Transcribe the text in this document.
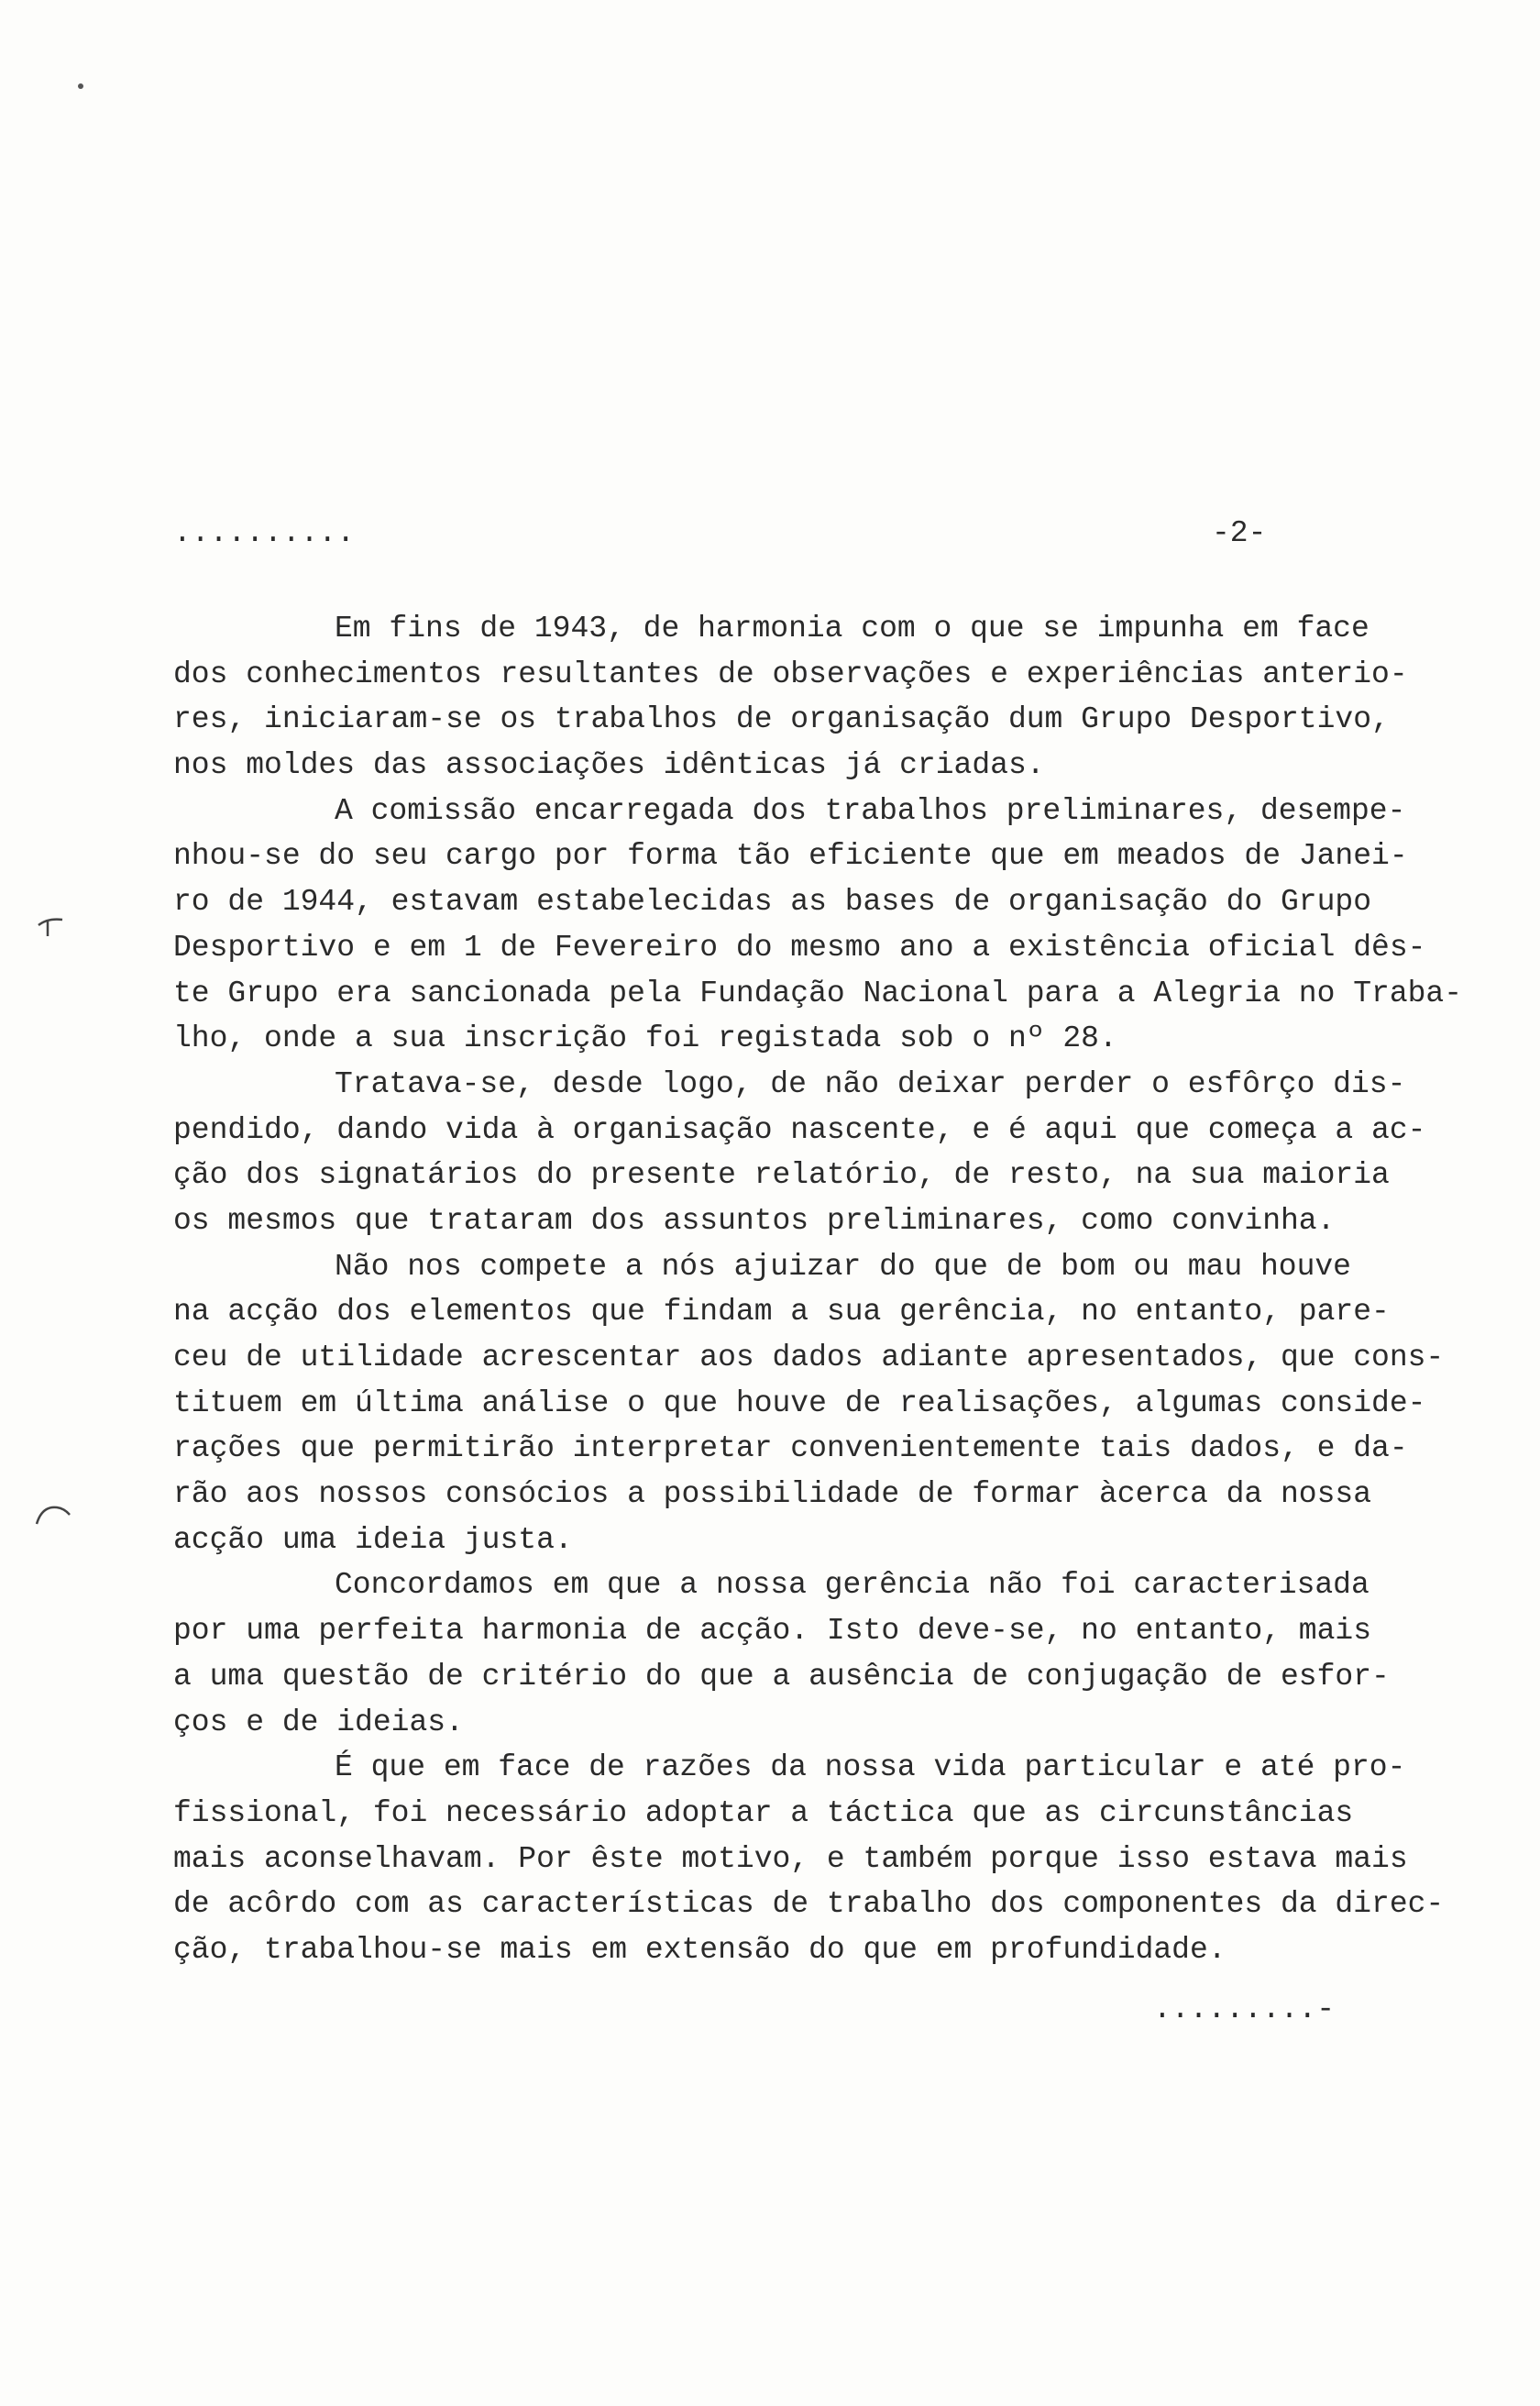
..........	-2-
Em fins de 1943, de harmonia com o que se impunha em face
dos conhecimentos resultantes de observações e experiências anterio-
res, iniciaram-se os trabalhos de organisação dum Grupo Desportivo,
nos moldes das associações idênticas já criadas.
A comissão encarregada dos trabalhos preliminares, desempe-
nhou-se do seu cargo por forma tão eficiente que em meados de Janei-
ro de 1944, estavam estabelecidas as bases de organisação do Grupo
Desportivo e em 1 de Fevereiro do mesmo ano a existência oficial dês-
te Grupo era sancionada pela Fundação Nacional para a Alegria no Traba-
lho, onde a sua inscrição foi registada sob o nº 28.
Tratava-se, desde logo, de não deixar perder o esfôrço dis-
pendido, dando vida à organisação nascente, e é aqui que começa a ac-
ção dos signatários do presente relatório, de resto, na sua maioria
os mesmos que trataram dos assuntos preliminares, como convinha.
Não nos compete a nós ajuizar do que de bom ou mau houve
na acção dos elementos que findam a sua gerência, no entanto, pare-
ceu de utilidade acrescentar aos dados adiante apresentados, que cons-
tituem em última análise o que houve de realisações, algumas conside-
rações que permitirão interpretar convenientemente tais dados, e da-
rão aos nossos consócios a possibilidade de formar àcerca da nossa
acção uma ideia justa.
Concordamos em que a nossa gerência não foi caracterisada
por uma perfeita harmonia de acção. Isto deve-se, no entanto, mais
a uma questão de critério do que a ausência de conjugação de esfor-
ços e de ideias.
É que em face de razões da nossa vida particular e até pro-
fissional, foi necessário adoptar a táctica que as circunstâncias
mais aconselhavam. Por êste motivo, e também porque isso estava mais
de acôrdo com as características de trabalho dos componentes da direc-
ção, trabalhou-se mais em extensão do que em profundidade.
.........-
